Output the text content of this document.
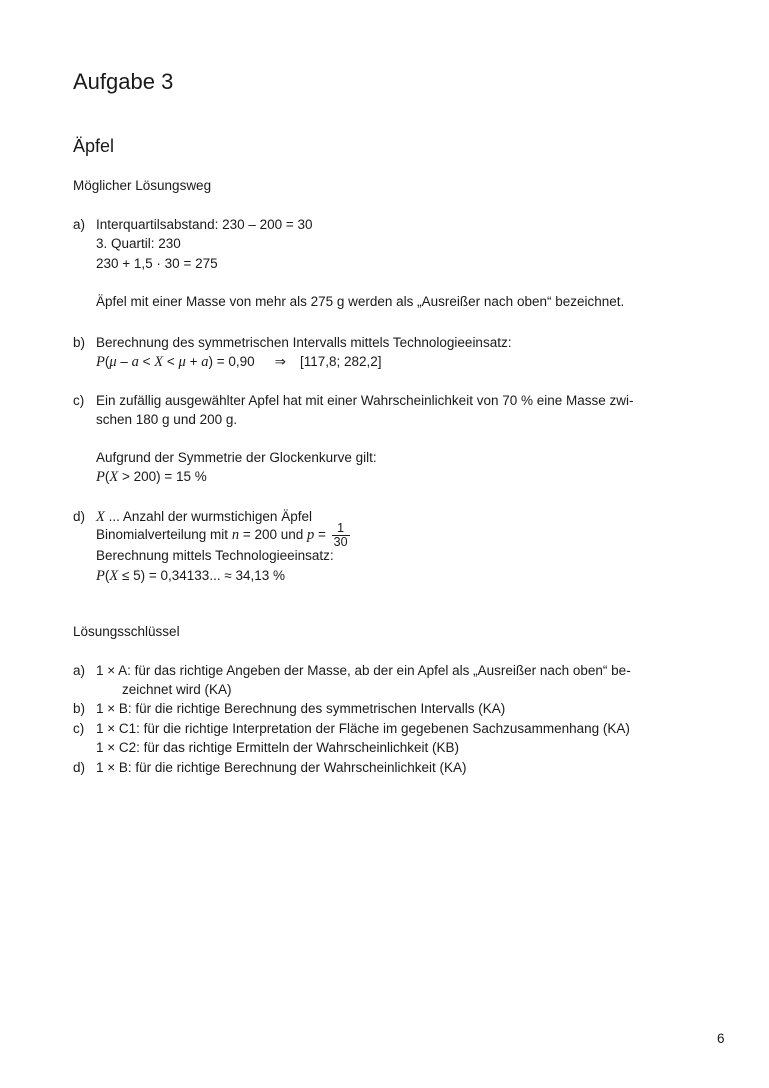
Aufgabe 3
Äpfel
Möglicher Lösungsweg
a) Interquartilsabstand: 230 – 200 = 30
3. Quartil: 230
230 + 1,5 · 30 = 275
Äpfel mit einer Masse von mehr als 275 g werden als „Ausreißer nach oben“ bezeichnet.
b) Berechnung des symmetrischen Intervalls mittels Technologieeinsatz:
P(μ – a < X < μ + a) = 0,90 ⇒ [117,8; 282,2]
c) Ein zufällig ausgewählter Apfel hat mit einer Wahrscheinlichkeit von 70 % eine Masse zwi-
schen 180 g und 200 g.
Aufgrund der Symmetrie der Glockenkurve gilt:
P(X > 200) = 15 %
d) X ... Anzahl der wurmstichigen Äpfel
Binomialverteilung mit n = 200 und $p = \frac{1}{30}$
Berechnung mittels Technologieeinsatz:
P(X ≤ 5) = 0,34133... ≈ 34,13 %
Lösungsschlüssel
a) 1 × A: für das richtige Angeben der Masse, ab der ein Apfel als „Ausreißer nach oben“ be-
zeichnet wird (KA)
b) 1 × B: für die richtige Berechnung des symmetrischen Intervalls (KA)
c) 1 × C1: für die richtige Interpretation der Fläche im gegebenen Sachzusammenhang (KA)
1 × C2: für das richtige Ermitteln der Wahrscheinlichkeit (KB)
d) 1 × B: für die richtige Berechnung der Wahrscheinlichkeit (KA)
6
